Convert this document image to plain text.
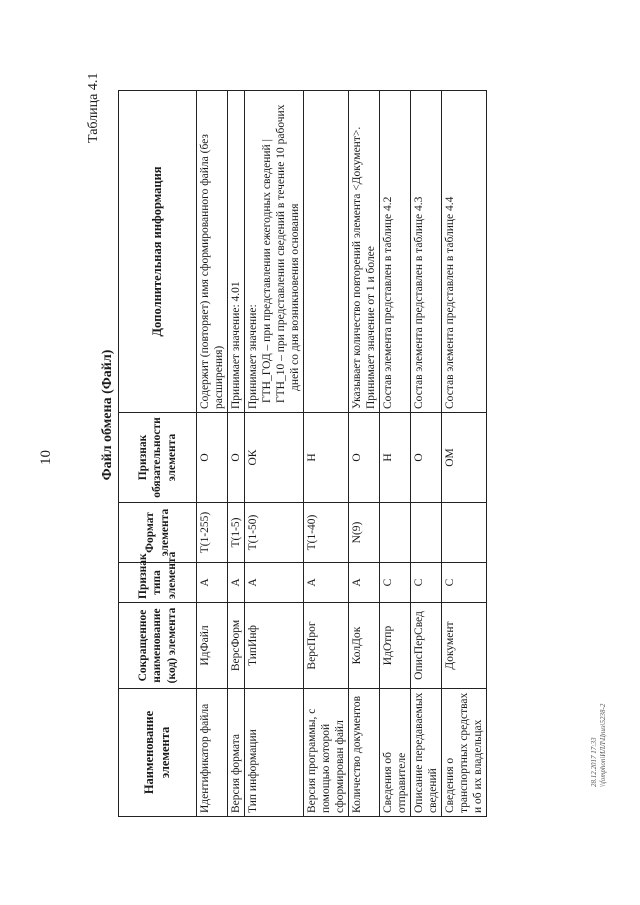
10
Таблица 4.1
Файл обмена (Файл)
Наименование элемента	Сокращенное наименование (код) элемента	Признак типа элемента	Формат элемента	Признак обязательности элемента	Дополнительная информация
Идентификатор файла	ИдФайл	А	Т(1-255)	О	Содержит (повторяет) имя сформированного файла (без расширения)

Версия формата	ВерсФорм	А	Т(1-5)	О	Принимает значение: 4.01

Тип информации	ТипИнф	А	Т(1-50)	ОК	Принимает значение: ГТН_ГОД – при представлении ежегодных сведений | ГТН_10 – при представлении сведений в течение 10 рабочих дней со дня возникновения основания

Версия программы, с помощью которой сформирован файл	ВерсПрог	А	Т(1-40)	Н	
Количество документов	КолДок	А	N(9)	О	Указывает количество повторений элемента <Документ>. Принимает значение от 1 и более

Сведения об отправителе	ИдОтпр	С		Н	Состав элемента представлен в таблице 4.2

Описание передаваемых сведений	ОписПерСвед	С		О	Состав элемента представлен в таблице 4.3

Сведения о транспортных средствах и об их владельцах	Документ	С		ОМ	Состав элемента представлен в таблице 4.4

28.12.2017 17:33 \\fomphon\ИЛЛ\Цпиз\5238-2
